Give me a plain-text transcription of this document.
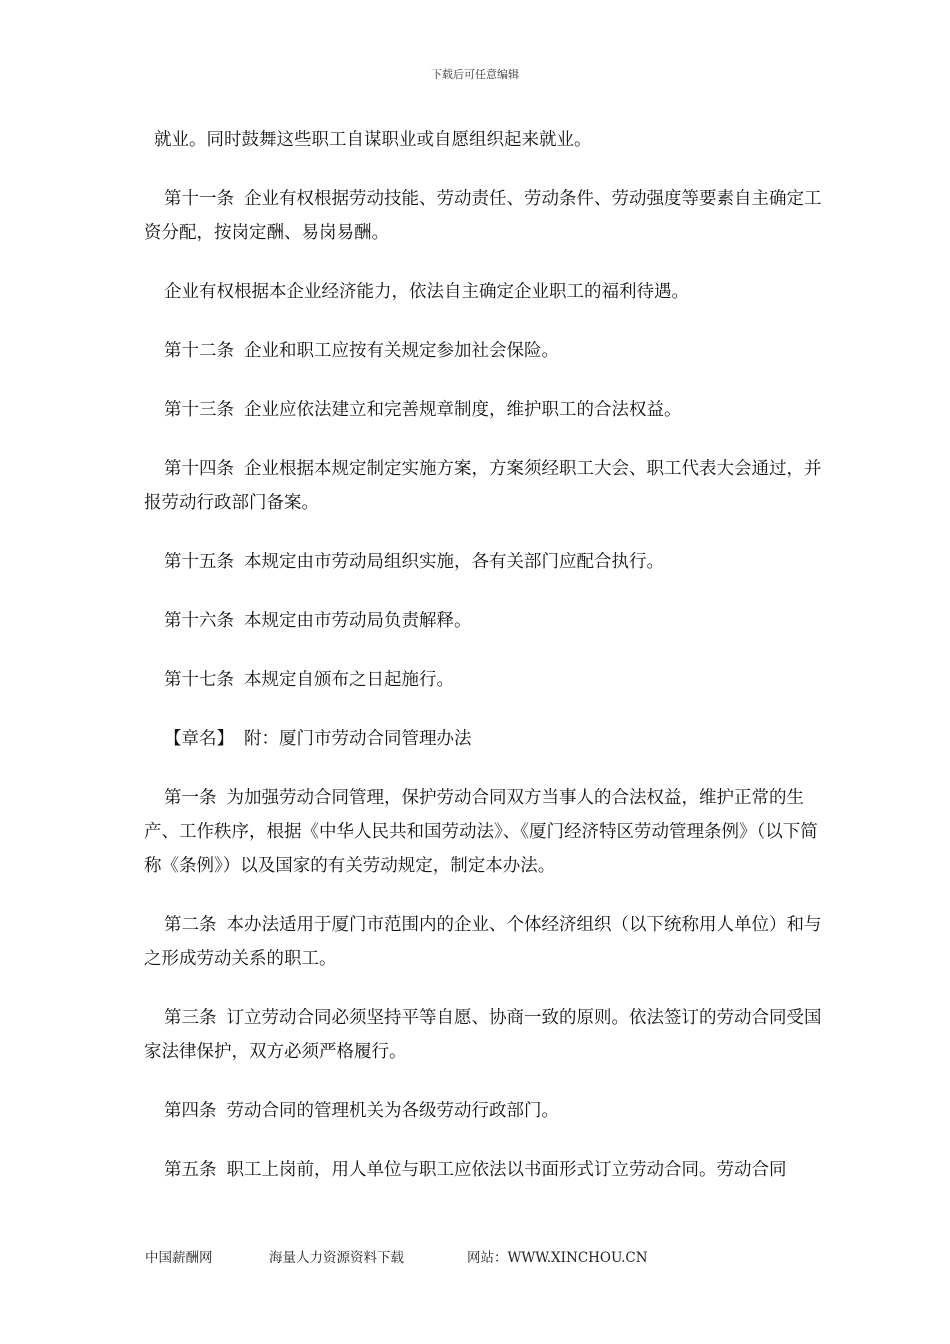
下载后可任意编辑

就业。同时鼓舞这些职工自谋职业或自愿组织起来就业。

第十一条 企业有权根据劳动技能、劳动责任、劳动条件、劳动强度等要素自主确定工资分配，按岗定酬、易岗易酬。

企业有权根据本企业经济能力，依法自主确定企业职工的福利待遇。

第十二条 企业和职工应按有关规定参加社会保险。

第十三条 企业应依法建立和完善规章制度，维护职工的合法权益。

第十四条 企业根据本规定制定实施方案，方案须经职工大会、职工代表大会通过，并报劳动行政部门备案。

第十五条 本规定由市劳动局组织实施，各有关部门应配合执行。

第十六条 本规定由市劳动局负责解释。

第十七条 本规定自颁布之日起施行。

【章名】 附：厦门市劳动合同管理办法

第一条 为加强劳动合同管理，保护劳动合同双方当事人的合法权益，维护正常的生产、工作秩序，根据《中华人民共和国劳动法》、《厦门经济特区劳动管理条例》（以下简称《条例》）以及国家的有关劳动规定，制定本办法。

第二条 本办法适用于厦门市范围内的企业、个体经济组织（以下统称用人单位）和与之形成劳动关系的职工。

第三条 订立劳动合同必须坚持平等自愿、协商一致的原则。依法签订的劳动合同受国家法律保护，双方必须严格履行。

第四条 劳动合同的管理机关为各级劳动行政部门。

第五条 职工上岗前，用人单位与职工应依法以书面形式订立劳动合同。劳动合同

中国薪酬网	海量人力资源资料下载	网站：WWW.XINCHOU.CN
